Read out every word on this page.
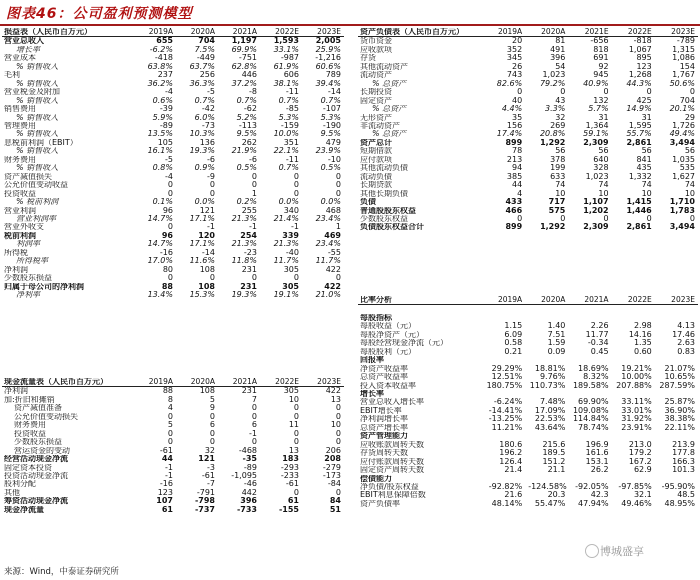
图表46：公司盈利预测模型
损益表（人民币百万元）	2019A	2020A	2021A	2022E	2023E
营业总收入	655	704	1,197	1,593	2,005
增长率	-6.2%	7.5%	69.9%	33.1%	25.9%
营业成本	-418	-449	-751	-987	-1,216
% 销售收入	63.8%	63.7%	62.8%	61.9%	60.6%
毛利	237	256	446	606	789
% 销售收入	36.2%	36.3%	37.2%	38.1%	39.4%
营业税金及附加	-4	-5	-8	-11	-14
% 销售收入	0.6%	0.7%	0.7%	0.7%	0.7%
销售费用	-39	-42	-62	-85	-107
% 销售收入	5.9%	6.0%	5.2%	5.3%	5.3%
管理费用	-89	-73	-113	-159	-190
% 销售收入	13.5%	10.3%	9.5%	10.0%	9.5%
息税前利润（EBIT）	105	136	262	351	479
% 销售收入	16.1%	19.3%	21.9%	22.1%	23.9%
财务费用	-5	-6	-6	-11	-10
% 销售收入	0.8%	0.9%	0.5%	0.7%	0.5%
资产减值损失	-4	-9	0	0	0
公允价值变动收益	0	0	0	0	0
投资收益	0	0	1	0	0
% 税前利润	0.1%	0.0%	0.2%	0.0%	0.0%
营业利润	96	121	255	340	468
营业利润率	14.7%	17.1%	21.3%	21.4%	23.4%
营业外收支	0	-1	-1	-1	1
税前利润	96	120	254	339	469
利润率	14.7%	17.1%	21.3%	21.3%	23.4%
所得税	-16	-14	-23	-40	-55
所得税率	17.0%	11.6%	11.8%	11.7%	11.7%
净利润	80	108	231	305	422
少数股东损益	0	0	0	0	0
归属于母公司的净利润	88	108	231	305	422
净利率	13.4%	15.3%	19.3%	19.1%	21.0%
现金流量表（人民币百万元）	2019A	2020A	2021A	2022E	2023E
净利润	88	108	231	305	422
加:折旧和摊销	8	5	7	10	13
资产减值准备	4	9	0	0	0
公允价值变动损失	0	0	0	0	0
财务费用	5	6	6	11	10
投资收益	0	0	-1	0	0
少数股东损益	0	0	0	0	0
营运资金的变动	-61	32	-468	13	206
经营活动现金净流	44	121	-35	183	208
固定资本投资	-1	-3	-89	-293	-279
投资活动现金净流	-1	-61	-1,095	-233	-173
股利分配	-16	-7	-46	-61	-84
其他	123	-791	442	0	0
筹资活动现金净流	107	-798	396	61	84
现金净流量	61	-737	-733	-155	51
资产负债表（人民币百万元）	2019A	2020A	2021E	2022E	2023E
货币资金	20	81	-656	-818	-789
应收款项	352	491	818	1,067	1,315
存货	345	396	691	895	1,086
其他流动资产	26	54	92	123	154
流动资产	743	1,023	945	1,268	1,767
% 总资产	82.6%	79.2%	40.9%	44.3%	50.6%
长期投资	0	0	0	0	0
固定资产	40	43	132	425	704
% 总资产	4.4%	3.3%	5.7%	14.9%	20.1%
无形资产	35	32	31	31	29
非流动资产	156	269	1,364	1,595	1,726
% 总资产	17.4%	20.8%	59.1%	55.7%	49.4%
资产总计	899	1,292	2,309	2,861	3,494
短期借款	78	56	56	56	56
应付款项	213	378	640	841	1,035
其他流动负债	94	199	328	435	535
流动负债	385	633	1,023	1,332	1,627
长期贷款	44	74	74	74	74
其他长期负债	4	10	10	10	10
负债	433	717	1,107	1,415	1,710
普通股股东权益	466	575	1,202	1,446	1,783
少数股东权益	0	0	0	0	0
负债股东权益合计	899	1,292	2,309	2,861	3,494
比率分析	2019A	2020A	2021A	2022E	2023E

每股指标					
每股收益（元）	1.15	1.40	2.26	2.98	4.13
每股净资产（元）	6.09	7.51	11.77	14.16	17.46
每股经营现金净流（元）	0.58	1.59	-0.34	1.35	2.63
每股股利（元）	0.21	0.09	0.45	0.60	0.83
回报率					
净资产收益率	29.29%	18.81%	18.69%	19.21%	21.07%
总资产收益率	12.51%	9.76%	8.32%	10.00%	10.65%
投入资本收益率	180.75%	110.73%	189.58%	207.88%	287.59%
增长率					
营业总收入增长率	-6.24%	7.48%	69.90%	33.11%	25.87%
EBIT增长率	-14.41%	17.09%	109.08%	33.01%	36.90%
净利润增长率	-13.25%	22.53%	114.84%	31.92%	38.38%
总资产增长率	11.21%	43.64%	78.74%	23.91%	22.11%
资产管理能力					
应收账款周转天数	180.6	215.6	196.9	213.0	213.9
存货周转天数	196.2	189.5	161.6	179.2	177.8
应付账款周转天数	126.4	151.2	153.1	167.2	166.3
固定资产周转天数	21.4	21.1	26.2	62.9	101.3
偿债能力					
净负债/股东权益	-92.82%	-124.58%	-92.05%	-97.85%	-95.90%
EBIT利息保障倍数	21.6	20.3	42.3	32.1	48.5
资产负债率	48.14%	55.47%	47.94%	49.46%	48.95%
来源：Wind，中泰证券研究所
博城盛享
